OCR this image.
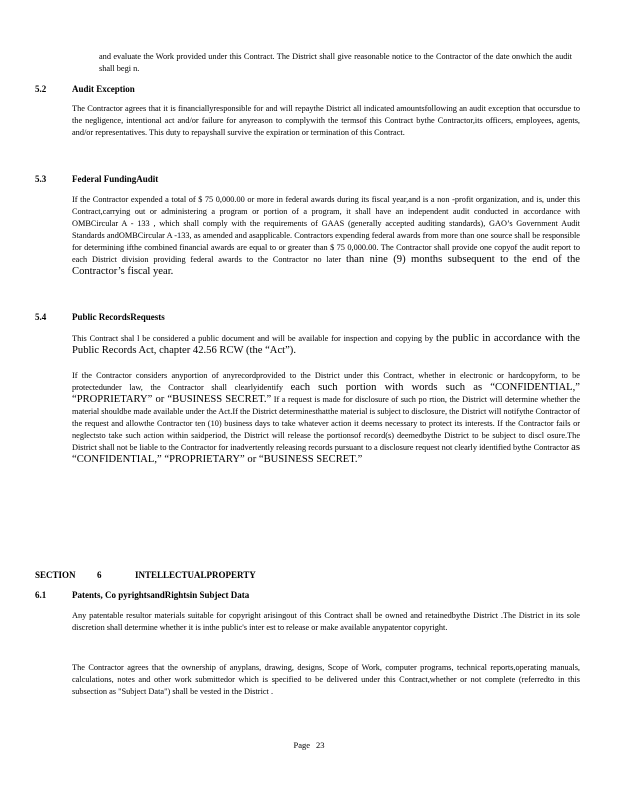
and evaluate the Work provided under this Contract. The District shall give reasonable notice to the Contractor of the date onwhich the audit shall begi n.

5.2	Audit Exception

The Contractor agrees that it is financiallyresponsible for and will repaythe District all indicated amountsfollowing an audit exception that occursdue to the negligence, intentional act and/or failure for anyreason to complywith the termsof this Contract bythe Contractor,its officers, employees, agents, and/or representatives. This duty to repayshall survive the expiration or termination of this Contract.

5.3	Federal FundingAudit

If the Contractor expended a total of $ 75 0,000.00 or more in federal awards during its fiscal year,and is a non -profit organization, and is, under this Contract,carrying out or administering a program or portion of a program, it shall have an independent audit conducted in accordance with OMBCircular A - 133 , which shall comply with the requirements of GAAS (generally accepted auditing standards), GAO’s Government Audit Standards andOMBCircular A -133, as amended and asapplicable. Contractors expending federal awards from more than one source shall be responsible for determining ifthe combined financial awards are equal to or greater than $ 75 0,000.00. The Contractor shall provide one copyof the audit report to each District division providing federal awards to the Contractor no later than nine (9) months subsequent to the end of the Contractor’s fiscal year.

5.4	Public RecordsRequests

This Contract shal l be considered a public document and will be available for inspection and copying by the public in accordance with the Public Records Act, chapter 42.56 RCW (the “Act”).

If the Contractor considers anyportion of anyrecordprovided to the District under this Contract, whether in electronic or hardcopyform, to be protectedunder law, the Contractor shall clearlyidentify each such portion with words such as “CONFIDENTIAL,” “PROPRIETARY” or “BUSINESS SECRET.” If a request is made for disclosure of such po rtion, the District will determine whether the material shouldbe made available under the Act.If the District determinesthatthe material is subject to disclosure, the District will notifythe Contractor of the request and allowthe Contractor ten (10) business days to take whatever action it deems necessary to protect its interests. If the Contractor fails or neglectsto take such action within saidperiod, the District will release the portionsof record(s) deemedbythe District to be subject to discl osure.The District shall not be liable to the Contractor for inadvertently releasing records pursuant to a disclosure request not clearly identified bythe Contractor as “CONFIDENTIAL,” “PROPRIETARY” or “BUSINESS SECRET.”

SECTION 6	INTELLECTUALPROPERTY

6.1	Patents, Co pyrightsandRightsin Subject Data

Any patentable resultor materials suitable for copyright arisingout of this Contract shall be owned and retainedbythe District .The District in its sole discretion shall determine whether it is inthe public's inter est to release or make available anypatentor copyright.

The Contractor agrees that the ownership of anyplans, drawing, designs, Scope of Work, computer programs, technical reports,operating manuals, calculations, notes and other work submittedor which is specified to be delivered under this Contract,whether or not complete (referredto in this subsection as "Subject Data") shall be vested in the District .

Page 23
